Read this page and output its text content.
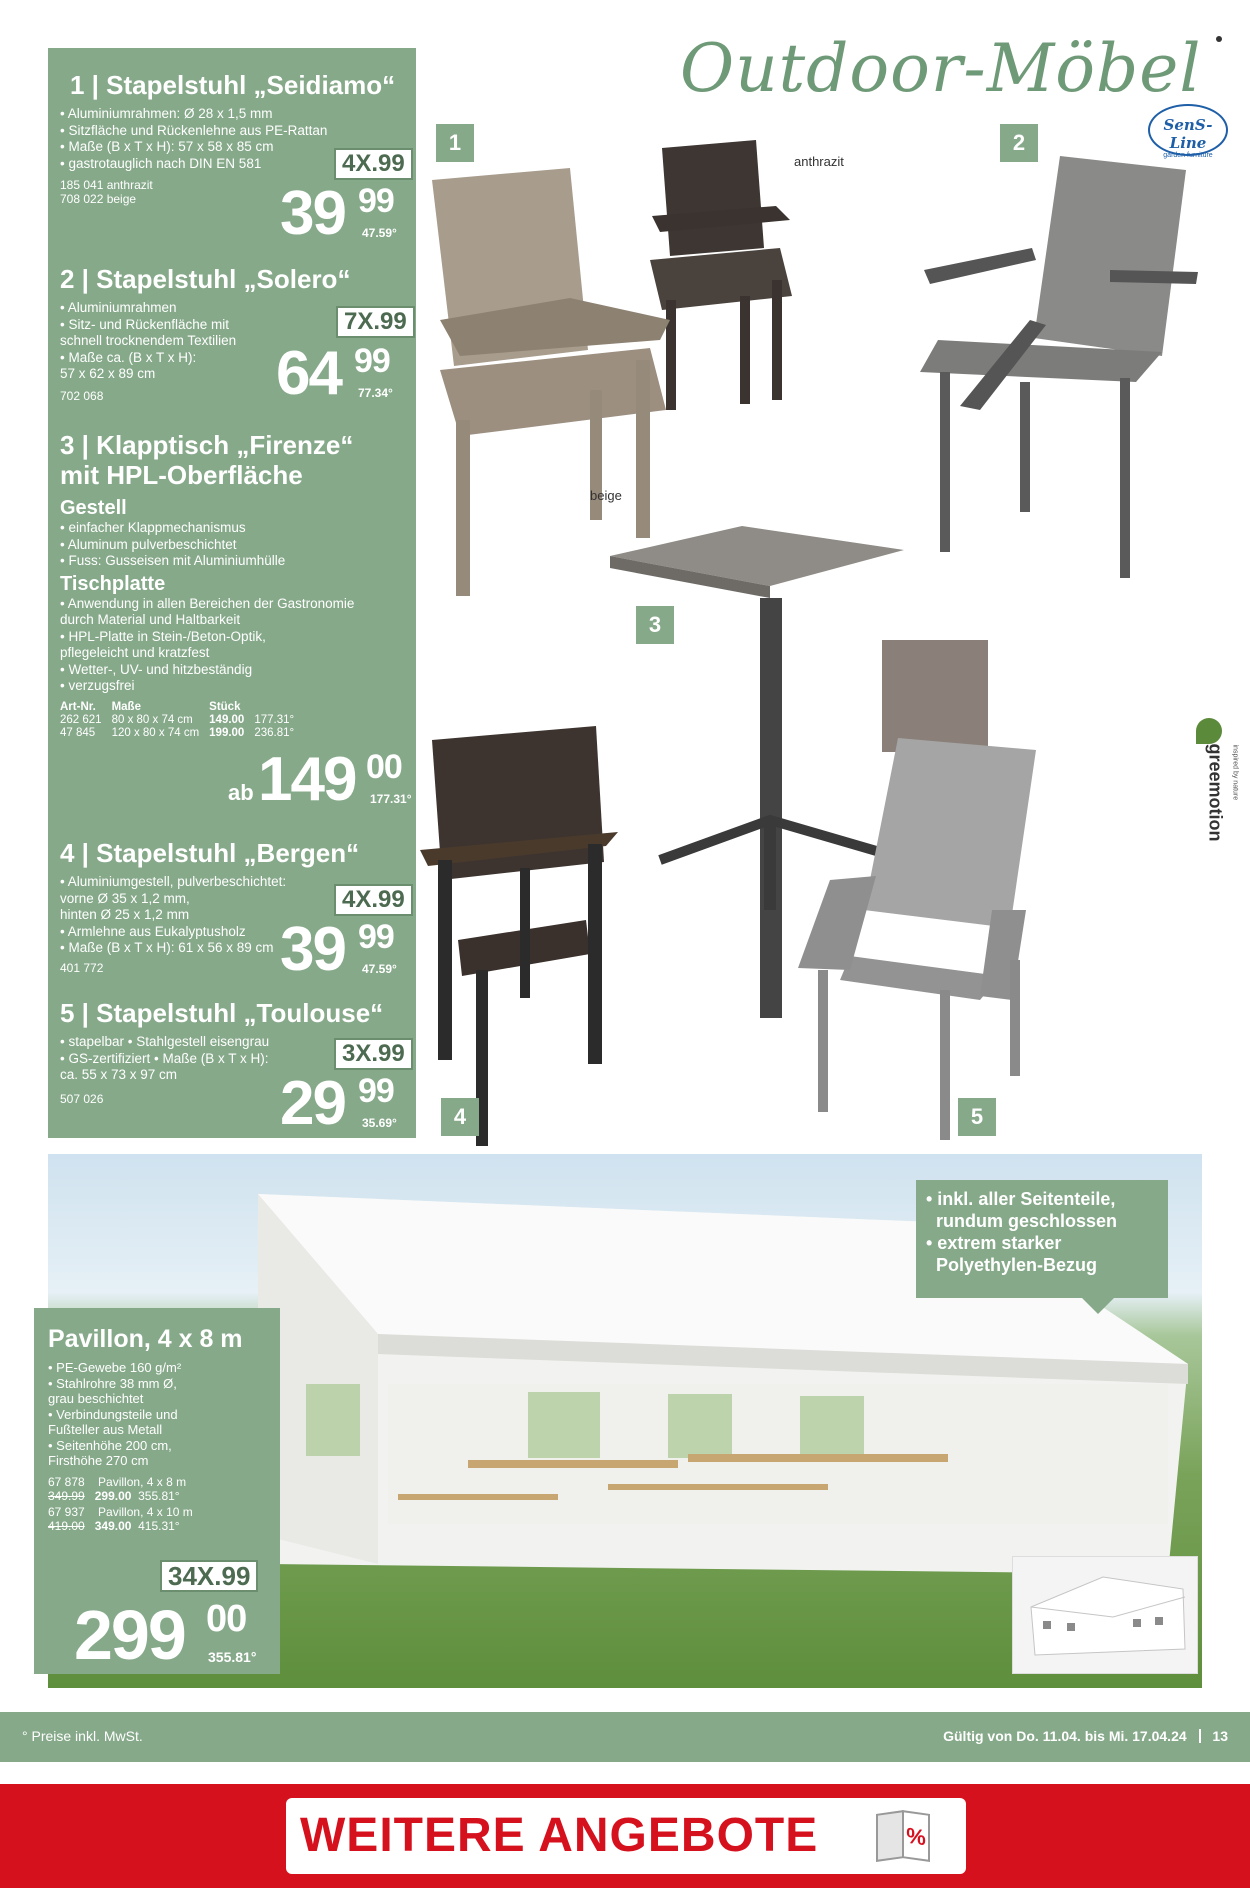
Outdoor-Möbel
SenS-Line
garden furniture
greemotion inspired by nature
1 | Stapelstuhl „Seidiamo“
• Aluminiumrahmen: Ø 28 x 1,5 mm
• Sitzfläche und Rückenlehne aus PE-Rattan
• Maße (B x T x H): 57 x 58 x 85 cm
• gastrotauglich nach DIN EN 581
185 041 anthrazit
708 022 beige
4X.99
39 99
47.59°
2 | Stapelstuhl „Solero“
• Aluminiumrahmen
• Sitz- und Rückenfläche mit
schnell trocknendem Textilien
• Maße ca. (B x T x H):
57 x 62 x 89 cm
702 068
7X.99
64 99
77.34°
3 | Klapptisch „Firenze“
mit HPL-Oberfläche
Gestell
• einfacher Klappmechanismus
• Aluminum pulverbeschichtet
• Fuss: Gusseisen mit Aluminiumhülle
Tischplatte
• Anwendung in allen Bereichen der Gastronomie
durch Material und Haltbarkeit
• HPL-Platte in Stein-/Beton-Optik,
pflegeleicht und kratzfest
• Wetter-, UV- und hitzbeständig
• verzugsfrei
Art-Nr.	Maße	Stück	
262 621	80 x 80 x 74 cm	149.00	177.31°
47 845	120 x 80 x 74 cm	199.00	236.81°
ab 149 00
177.31°
4 | Stapelstuhl „Bergen“
• Aluminiumgestell, pulverbeschichtet:
vorne Ø 35 x 1,2 mm,
hinten Ø 25 x 1,2 mm
• Armlehne aus Eukalyptusholz
• Maße (B x T x H): 61 x 56 x 89 cm
401 772
4X.99
39 99
47.59°
5 | Stapelstuhl „Toulouse“
• stapelbar • Stahlgestell eisengrau
• GS-zertifiziert • Maße (B x T x H):
ca. 55 x 73 x 97 cm
507 026
3X.99
29 99
35.69°
1	2
3
4	5
anthrazit
beige
• inkl. aller Seitenteile,
rundum geschlossen
• extrem starker
Polyethylen-Bezug
Pavillon, 4 x 8 m
• PE-Gewebe 160 g/m²
• Stahlrohre 38 mm Ø,
grau beschichtet
• Verbindungsteile und
Fußteller aus Metall
• Seitenhöhe 200 cm,
Firsthöhe 270 cm
67 878 Pavillon, 4 x 8 m
349.99 299.00 355.81°
67 937 Pavillon, 4 x 10 m
419.00 349.00 415.31°
34X.99
299 00
355.81°
° Preise inkl. MwSt.	Gültig von Do. 11.04. bis Mi. 17.04.24 13
WEITERE ANGEBOTE	%
